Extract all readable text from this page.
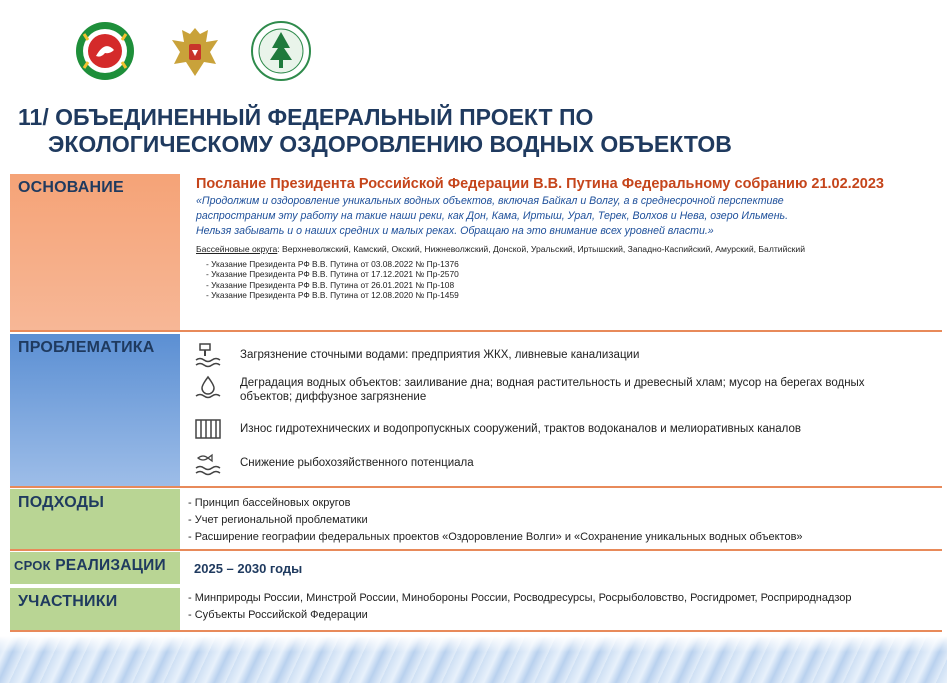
11/ ОБЪЕДИНЕННЫЙ ФЕДЕРАЛЬНЫЙ ПРОЕКТ ПО
ЭКОЛОГИЧЕСКОМУ ОЗДОРОВЛЕНИЮ ВОДНЫХ ОБЪЕКТОВ
ОСНОВАНИЕ	Послание Президента Российской Федерации В.В. Путина Федеральному собранию 21.02.2023
«Продолжим и оздоровление уникальных водных объектов, включая Байкал и Волгу, а в среднесрочной перспективе
распространим эту работу на такие наши реки, как Дон, Кама, Иртыш, Урал, Терек, Волхов и Нева, озеро Ильмень.
Нельзя забывать и о наших средних и малых реках. Обращаю на это внимание всех уровней власти.»
Бассейновые округа: Верхневолжский, Камский, Окский, Нижневолжский, Донской, Уральский, Иртышский, Западно-Каспийский, Амурский, Балтийский
- Указание Президента РФ В.В. Путина от 03.08.2022 № Пр-1376
- Указание Президента РФ В.В. Путина от 17.12.2021 № Пр-2570
- Указание Президента РФ В.В. Путина от 26.01.2021 № Пр-108
- Указание Президента РФ В.В. Путина от 12.08.2020 № Пр-1459
ПРОБЛЕМАТИКА	Загрязнение сточными водами: предприятия ЖКХ, ливневые канализации
Деградация водных объектов: заиливание дна; водная растительность и древесный хлам; мусор на берегах водных объектов; диффузное загрязнение
Износ гидротехнических и водопропускных сооружений, трактов водоканалов и мелиоративных каналов
Снижение рыбохозяйственного потенциала
ПОДХОДЫ	- Принцип бассейновых округов
- Учет региональной проблематики
- Расширение географии федеральных проектов «Оздоровление Волги» и «Сохранение уникальных водных объектов»
СРОК РЕАЛИЗАЦИИ	2025 – 2030 годы
УЧАСТНИКИ	- Минприроды России, Минстрой России, Минобороны России, Росводресурсы, Росрыболовство, Росгидромет, Росприроднадзор
- Субъекты Российской Федерации
